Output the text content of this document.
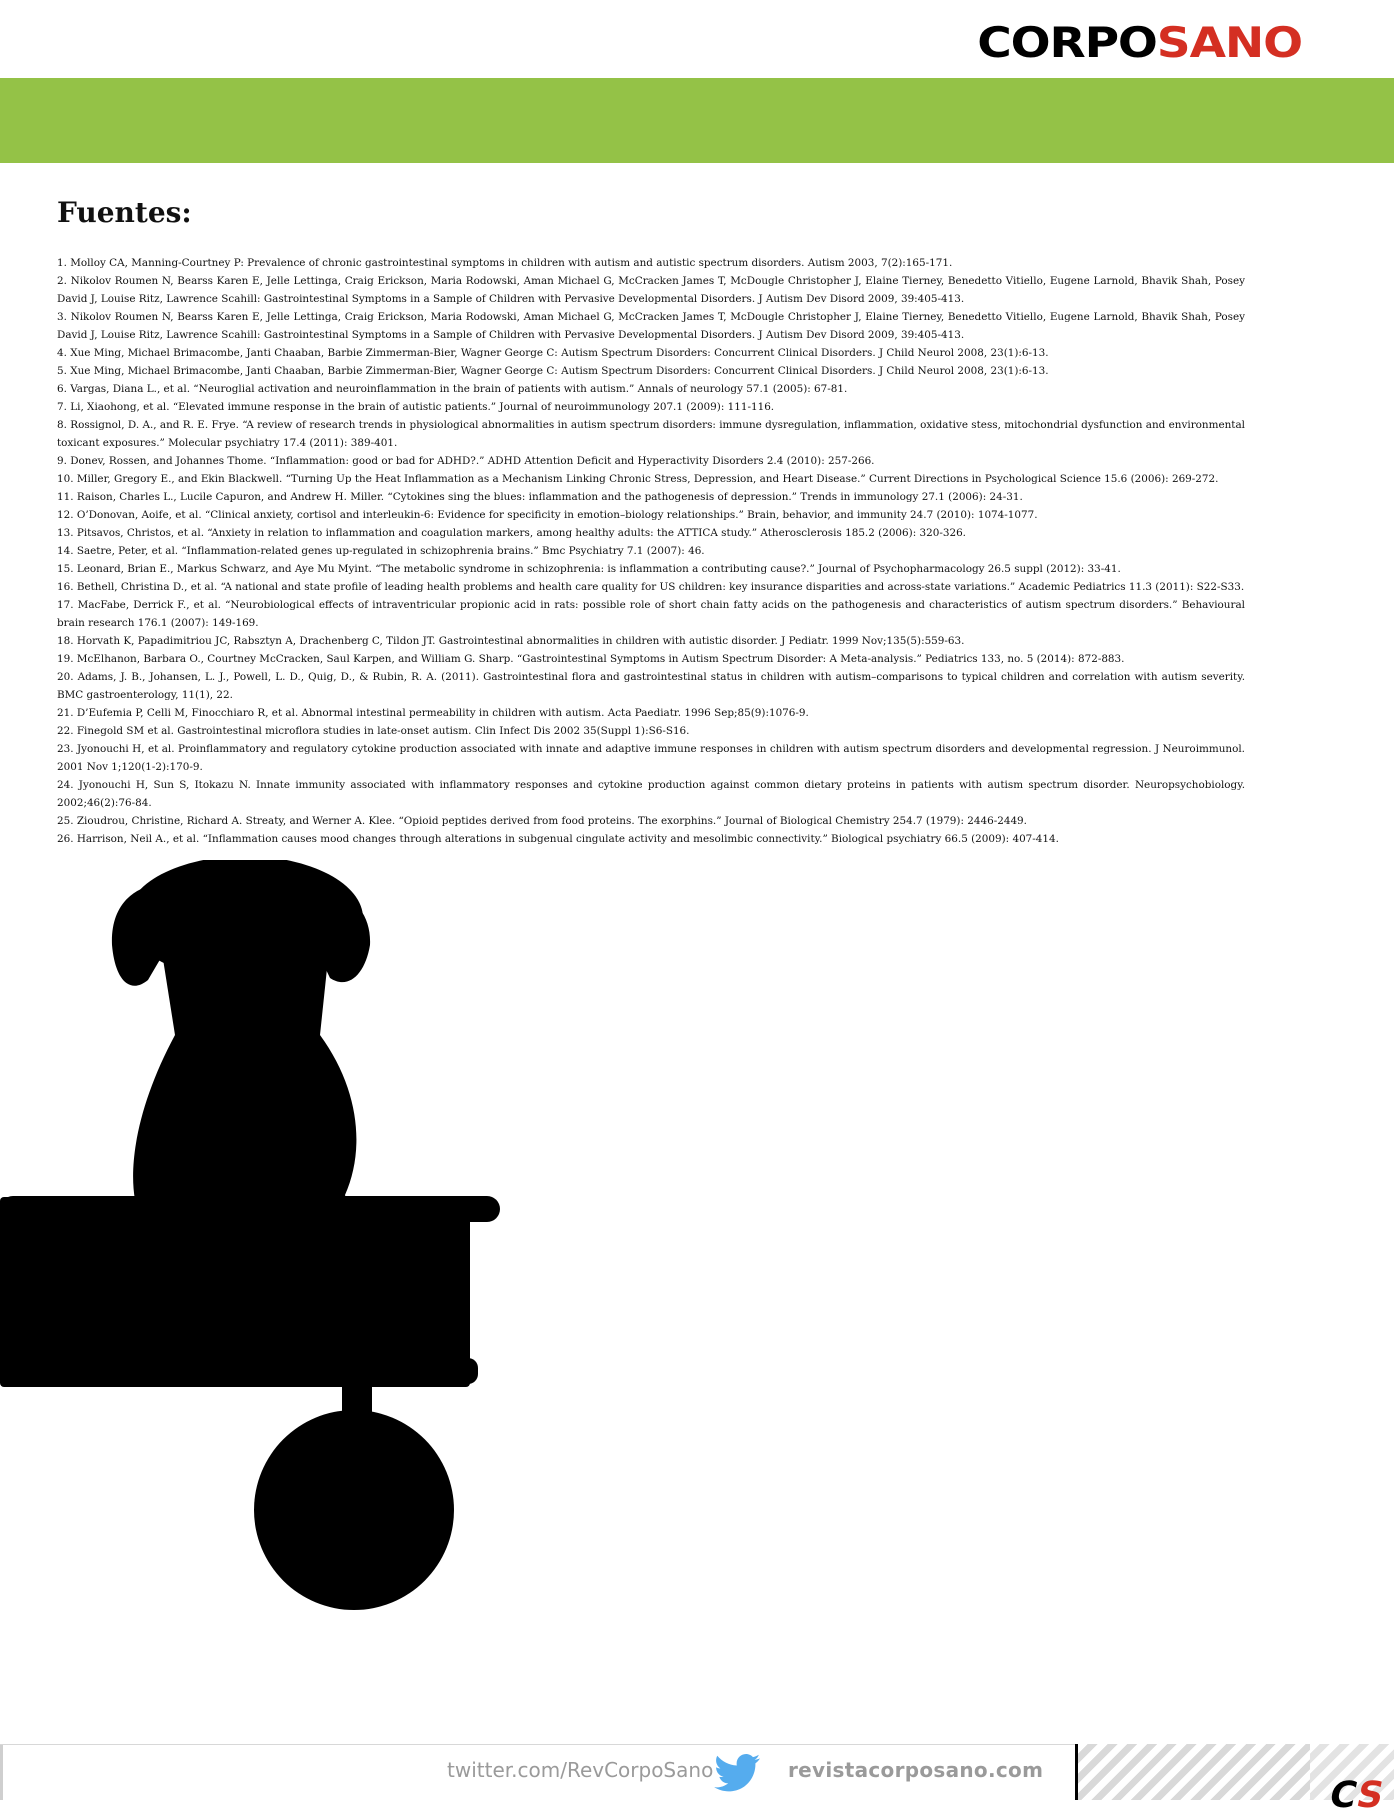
CORPOSANO
Fuentes:
1. Molloy CA, Manning-Courtney P: Prevalence of chronic gastrointestinal symptoms in children with autism and autistic spectrum disorders. Autism 2003, 7(2):165-171.
2. Nikolov Roumen N, Bearss Karen E, Jelle Lettinga, Craig Erickson, Maria Rodowski, Aman Michael G, McCracken James T, McDougle Christopher J, Elaine Tierney, Benedetto Vitiello, Eugene Larnold, Bhavik Shah, Posey David J, Louise Ritz, Lawrence Scahill: Gastrointestinal Symptoms in a Sample of Children with Pervasive Developmental Disorders. J Autism Dev Disord 2009, 39:405-413.
3. Nikolov Roumen N, Bearss Karen E, Jelle Lettinga, Craig Erickson, Maria Rodowski, Aman Michael G, McCracken James T, McDougle Christopher J, Elaine Tierney, Benedetto Vitiello, Eugene Larnold, Bhavik Shah, Posey David J, Louise Ritz, Lawrence Scahill: Gastrointestinal Symptoms in a Sample of Children with Pervasive Developmental Disorders. J Autism Dev Disord 2009, 39:405-413.
4. Xue Ming, Michael Brimacombe, Janti Chaaban, Barbie Zimmerman-Bier, Wagner George C: Autism Spectrum Disorders: Concurrent Clinical Disorders. J Child Neurol 2008, 23(1):6-13.
5. Xue Ming, Michael Brimacombe, Janti Chaaban, Barbie Zimmerman-Bier, Wagner George C: Autism Spectrum Disorders: Concurrent Clinical Disorders. J Child Neurol 2008, 23(1):6-13.
6. Vargas, Diana L., et al. “Neuroglial activation and neuroinflammation in the brain of patients with autism.” Annals of neurology 57.1 (2005): 67-81.
7. Li, Xiaohong, et al. “Elevated immune response in the brain of autistic patients.” Journal of neuroimmunology 207.1 (2009): 111-116.
8. Rossignol, D. A., and R. E. Frye. “A review of research trends in physiological abnormalities in autism spectrum disorders: immune dysregulation, inflammation, oxidative stess, mitochondrial dysfunction and environmental toxicant exposures.” Molecular psychiatry 17.4 (2011): 389-401.
9. Donev, Rossen, and Johannes Thome. “Inflammation: good or bad for ADHD?.” ADHD Attention Deficit and Hyperactivity Disorders 2.4 (2010): 257-266.
10. Miller, Gregory E., and Ekin Blackwell. “Turning Up the Heat Inflammation as a Mechanism Linking Chronic Stress, Depression, and Heart Disease.” Current Directions in Psychological Science 15.6 (2006): 269-272.
11. Raison, Charles L., Lucile Capuron, and Andrew H. Miller. “Cytokines sing the blues: inflammation and the pathogenesis of depression.” Trends in immunology 27.1 (2006): 24-31.
12. O’Donovan, Aoife, et al. “Clinical anxiety, cortisol and interleukin-6: Evidence for specificity in emotion–biology relationships.” Brain, behavior, and immunity 24.7 (2010): 1074-1077.
13. Pitsavos, Christos, et al. “Anxiety in relation to inflammation and coagulation markers, among healthy adults: the ATTICA study.” Atherosclerosis 185.2 (2006): 320-326.
14. Saetre, Peter, et al. “Inflammation-related genes up-regulated in schizophrenia brains.” Bmc Psychiatry 7.1 (2007): 46.
15. Leonard, Brian E., Markus Schwarz, and Aye Mu Myint. “The metabolic syndrome in schizophrenia: is inflammation a contributing cause?.” Journal of Psychopharmacology 26.5 suppl (2012): 33-41.
16. Bethell, Christina D., et al. “A national and state profile of leading health problems and health care quality for US children: key insurance disparities and across-state variations.” Academic Pediatrics 11.3 (2011): S22-S33.
17. MacFabe, Derrick F., et al. “Neurobiological effects of intraventricular propionic acid in rats: possible role of short chain fatty acids on the pathogenesis and characteristics of autism spectrum disorders.” Behavioural brain research 176.1 (2007): 149-169.
18. Horvath K, Papadimitriou JC, Rabsztyn A, Drachenberg C, Tildon JT. Gastrointestinal abnormalities in children with autistic disorder. J Pediatr. 1999 Nov;135(5):559-63.
19. McElhanon, Barbara O., Courtney McCracken, Saul Karpen, and William G. Sharp. “Gastrointestinal Symptoms in Autism Spectrum Disorder: A Meta-analysis.” Pediatrics 133, no. 5 (2014): 872-883.
20. Adams, J. B., Johansen, L. J., Powell, L. D., Quig, D., & Rubin, R. A. (2011). Gastrointestinal flora and gastrointestinal status in children with autism–comparisons to typical children and correlation with autism severity. BMC gastroenterology, 11(1), 22.
21. D’Eufemia P, Celli M, Finocchiaro R, et al. Abnormal intestinal permeability in children with autism. Acta Paediatr. 1996 Sep;85(9):1076-9.
22. Finegold SM et al. Gastrointestinal microflora studies in late-onset autism. Clin Infect Dis 2002 35(Suppl 1):S6-S16.
23. Jyonouchi H, et al. Proinflammatory and regulatory cytokine production associated with innate and adaptive immune responses in children with autism spectrum disorders and developmental regression. J Neuroimmunol. 2001 Nov 1;120(1-2):170-9.
24. Jyonouchi H, Sun S, Itokazu N. Innate immunity associated with inflammatory responses and cytokine production against common dietary proteins in patients with autism spectrum disorder. Neuropsychobiology. 2002;46(2):76-84.
25. Zioudrou, Christine, Richard A. Streaty, and Werner A. Klee. “Opioid peptides derived from food proteins. The exorphins.” Journal of Biological Chemistry 254.7 (1979): 2446-2449.
26. Harrison, Neil A., et al. “Inflammation causes mood changes through alterations in subgenual cingulate activity and mesolimbic connectivity.” Biological psychiatry 66.5 (2009): 407-414.
twitter.com/RevCorpoSano	revistacorposano.com
CS
